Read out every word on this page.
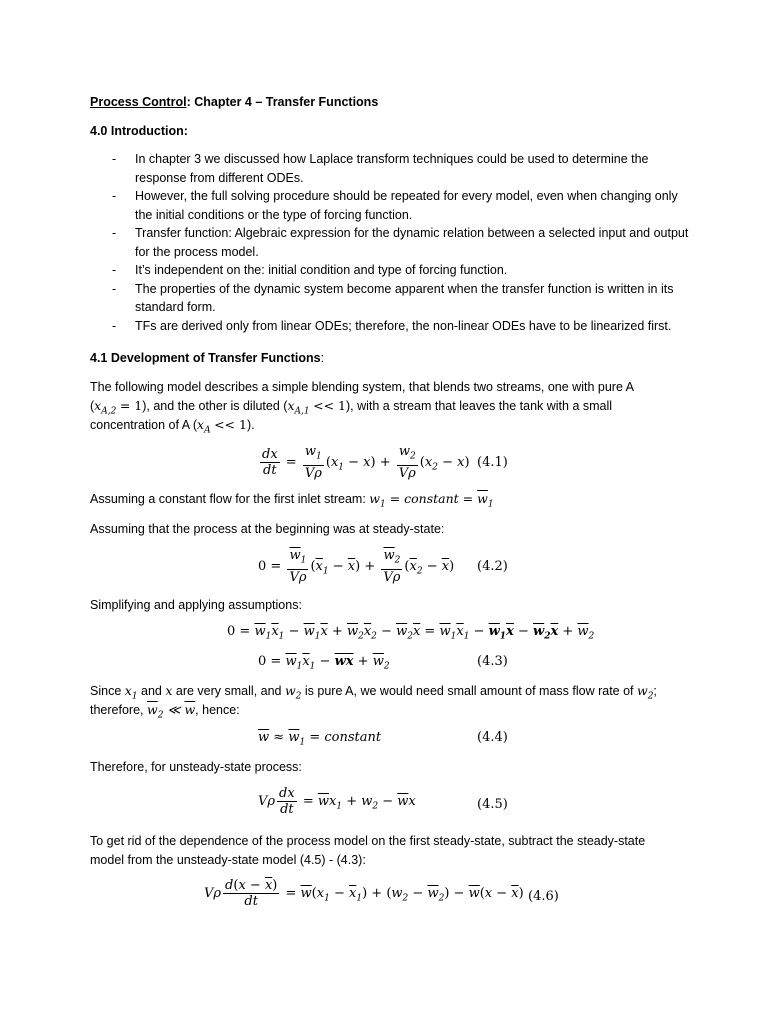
Process Control: Chapter 4 – Transfer Functions
4.0 Introduction:
- In chapter 3 we discussed how Laplace transform techniques could be used to determine the response from different ODEs.
- However, the full solving procedure should be repeated for every model, even when changing only the initial conditions or the type of forcing function.
- Transfer function: Algebraic expression for the dynamic relation between a selected input and output for the process model.
- It’s independent on the: initial condition and type of forcing function.
- The properties of the dynamic system become apparent when the transfer function is written in its standard form.
- TFs are derived only from linear ODEs; therefore, the non-linear ODEs have to be linearized first.
4.1 Development of Transfer Functions:
The following model describes a simple blending system, that blends two streams, one with pure A
$(x_{A,2} = 1)$, and the other is diluted $(x_{A,1} << 1)$, with a stream that leaves the tank with a small
concentration of A $(x_A << 1)$.
$\frac{dx}{dt} = \frac{w_1}{V\rho} (x_1 - x) + \frac{w_2}{V\rho} (x_2 - x)$ (4.1)
Assuming a constant flow for the first inlet stream: $w_1$ = constant = $\overline{w}_1$
Assuming that the process at the beginning was at steady-state:
$0 = \frac{\overline{w}_1}{V\rho} (\overline{x}_1 - \overline{x}) + \frac{\overline{w}_2}{V\rho} (\overline{x}_2 - \overline{x})$ (4.2)
Simplifying and applying assumptions:
$0 = \overline{w}_1\overline{x}_1 - \overline{w}_1\overline{x} + \overline{w}_2\overline{x}_2 - \overline{w}_2\overline{x} = \overline{w}_1\overline{x}_1 - \overline{w}_1\overline{x} - \overline{w}_2\overline{x} + \overline{w}_2$
$0 = \overline{w}_1\overline{x}_1 - \overline{w}\overline{x} + \overline{w}_2$	(4.3)
Since $x_1$ and x are very small, and $w_2$ is pure A, we would need small amount of mass flow rate of $w_2$;
therefore, $\overline{w}_2$ ≪ $\overline{w}$, hence:
$\overline{w} \approx \overline{w}_1$ = constant	(4.4)
Therefore, for unsteady-state process:
Vρ $\frac{dx}{dt} = \overline{w}x_1 + w_2 - \overline{w}x$	(4.5)
To get rid of the dependence of the process model on the first steady-state, subtract the steady-state
model from the unsteady-state model (4.5) - (4.3):
Vρ $\frac{d(x - \overline{x})}{dt} = \overline{w}(x_1 - \overline{x}_1) + (w_2 - \overline{w}_2) - \overline{w}(x - \overline{x})$ (4.6)
